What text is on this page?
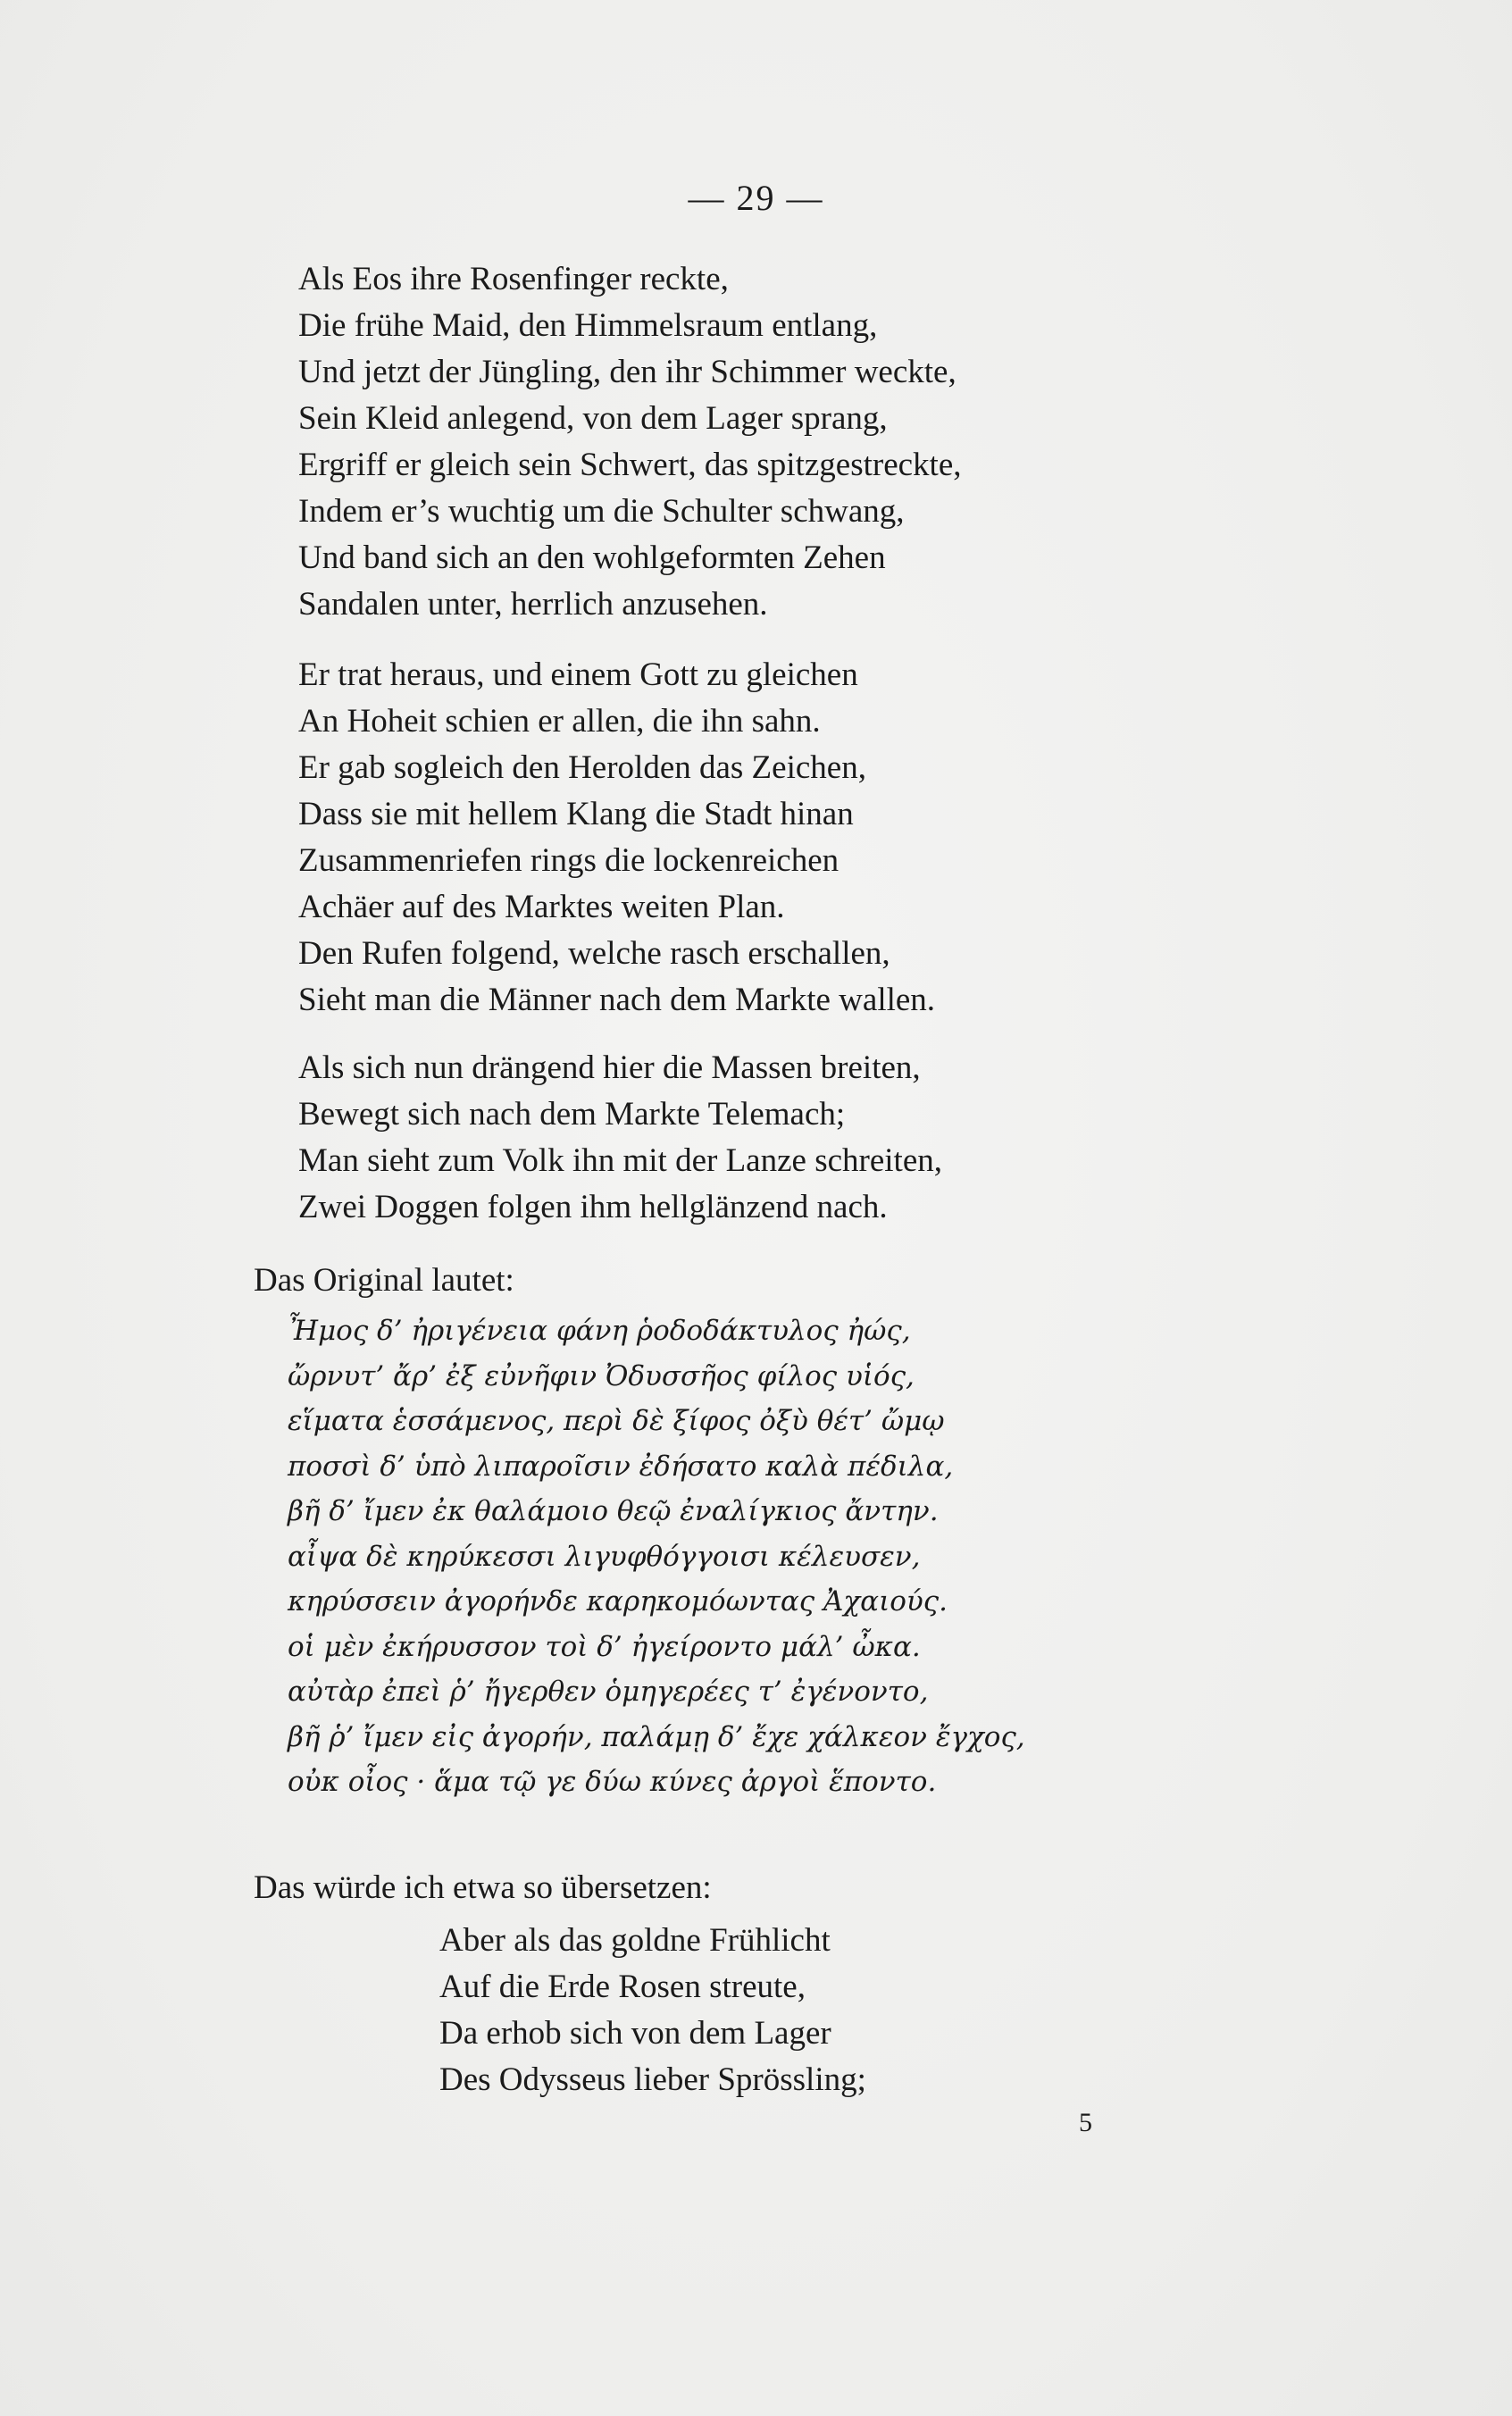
— 29 —
Als Eos ihre Rosenfinger reckte,
Die frühe Maid, den Himmelsraum entlang,
Und jetzt der Jüngling, den ihr Schimmer weckte,
Sein Kleid anlegend, von dem Lager sprang,
Ergriff er gleich sein Schwert, das spitzgestreckte,
Indem er’s wuchtig um die Schulter schwang,
Und band sich an den wohlgeformten Zehen
Sandalen unter, herrlich anzusehen.
Er trat heraus, und einem Gott zu gleichen
An Hoheit schien er allen, die ihn sahn.
Er gab sogleich den Herolden das Zeichen,
Dass sie mit hellem Klang die Stadt hinan
Zusammenriefen rings die lockenreichen
Achäer auf des Marktes weiten Plan.
Den Rufen folgend, welche rasch erschallen,
Sieht man die Männer nach dem Markte wallen.
Als sich nun drängend hier die Massen breiten,
Bewegt sich nach dem Markte Telemach;
Man sieht zum Volk ihn mit der Lanze schreiten,
Zwei Doggen folgen ihm hellglänzend nach.
Das Original lautet:
Ἦμος δ’ ἠριγένεια φάνη ῥοδοδάκτυλος ἠώς,
ὤρνυτ’ ἄρ’ ἐξ εὐνῆφιν Ὀδυσσῆος φίλος υἱός,
εἵματα ἑσσάμενος, περὶ δὲ ξίφος ὀξὺ θέτ’ ὤμῳ
ποσσὶ δ’ ὑπὸ λιπαροῖσιν ἐδήσατο καλὰ πέδιλα,
βῆ δ’ ἴμεν ἐκ θαλάμοιο θεῷ ἐναλίγκιος ἄντην.
αἶψα δὲ κηρύκεσσι λιγυφθόγγοισι κέλευσεν,
κηρύσσειν ἀγορήνδε καρηκομόωντας Ἀχαιούς.
οἱ μὲν ἐκήρυσσον τοὶ δ’ ἠγείροντο μάλ’ ὦκα.
αὐτὰρ ἐπεὶ ῥ’ ἤγερθεν ὁμηγερέες τ’ ἐγένοντο,
βῆ ῥ’ ἴμεν εἰς ἀγορήν, παλάμῃ δ’ ἔχε χάλκεον ἔγχος,
οὐκ οἶος · ἅμα τῷ γε δύω κύνες ἀργοὶ ἕποντο.
Das würde ich etwa so übersetzen:
Aber als das goldne Frühlicht
Auf die Erde Rosen streute,
Da erhob sich von dem Lager
Des Odysseus lieber Sprössling;
5
